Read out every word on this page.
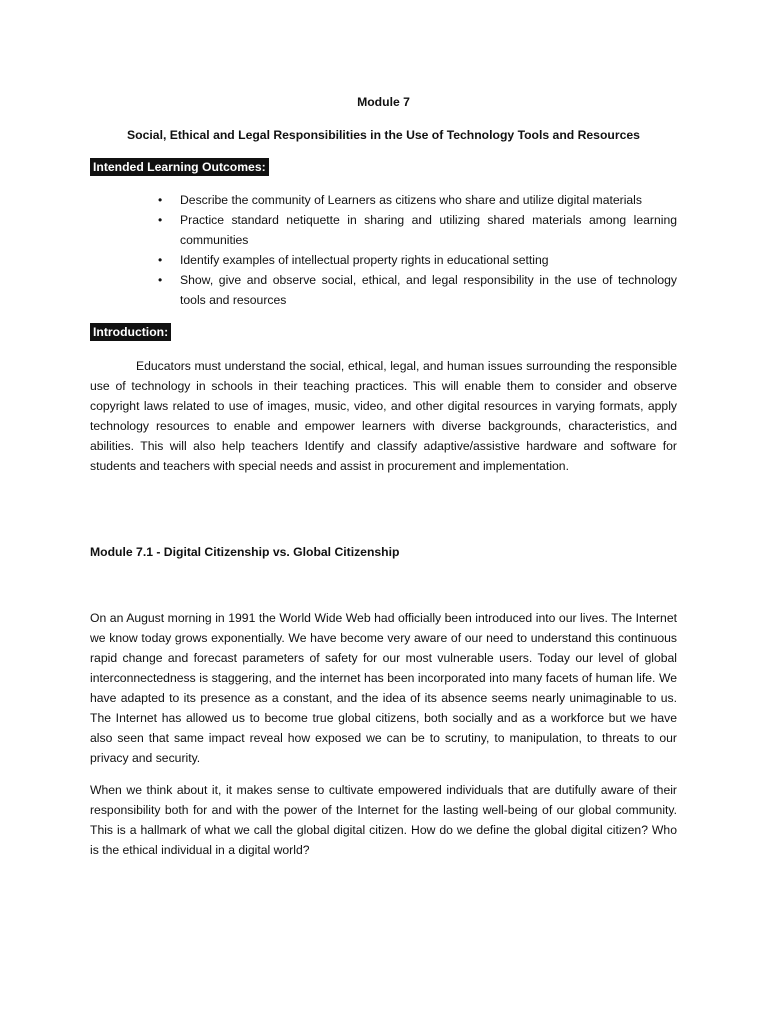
Module 7
Social, Ethical and Legal Responsibilities in the Use of Technology Tools and Resources
Intended Learning Outcomes:
• Describe the community of Learners as citizens who share and utilize digital materials
• Practice standard netiquette in sharing and utilizing shared materials among learning communities
• Identify examples of intellectual property rights in educational setting
• Show, give and observe social, ethical, and legal responsibility in the use of technology tools and resources
Introduction:

Educators must understand the social, ethical, legal, and human issues surrounding the responsible use of technology in schools in their teaching practices. This will enable them to consider and observe copyright laws related to use of images, music, video, and other digital resources in varying formats, apply technology resources to enable and empower learners with diverse backgrounds, characteristics, and abilities. This will also help teachers Identify and classify adaptive/assistive hardware and software for students and teachers with special needs and assist in procurement and implementation.

Module 7.1 - Digital Citizenship vs. Global Citizenship

On an August morning in 1991 the World Wide Web had officially been introduced into our lives. The Internet we know today grows exponentially. We have become very aware of our need to understand this continuous rapid change and forecast parameters of safety for our most vulnerable users. Today our level of global interconnectedness is staggering, and the internet has been incorporated into many facets of human life. We have adapted to its presence as a constant, and the idea of its absence seems nearly unimaginable to us. The Internet has allowed us to become true global citizens, both socially and as a workforce but we have also seen that same impact reveal how exposed we can be to scrutiny, to manipulation, to threats to our privacy and security.

When we think about it, it makes sense to cultivate empowered individuals that are dutifully aware of their responsibility both for and with the power of the Internet for the lasting well-being of our global community. This is a hallmark of what we call the global digital citizen. How do we define the global digital citizen? Who is the ethical individual in a digital world?
